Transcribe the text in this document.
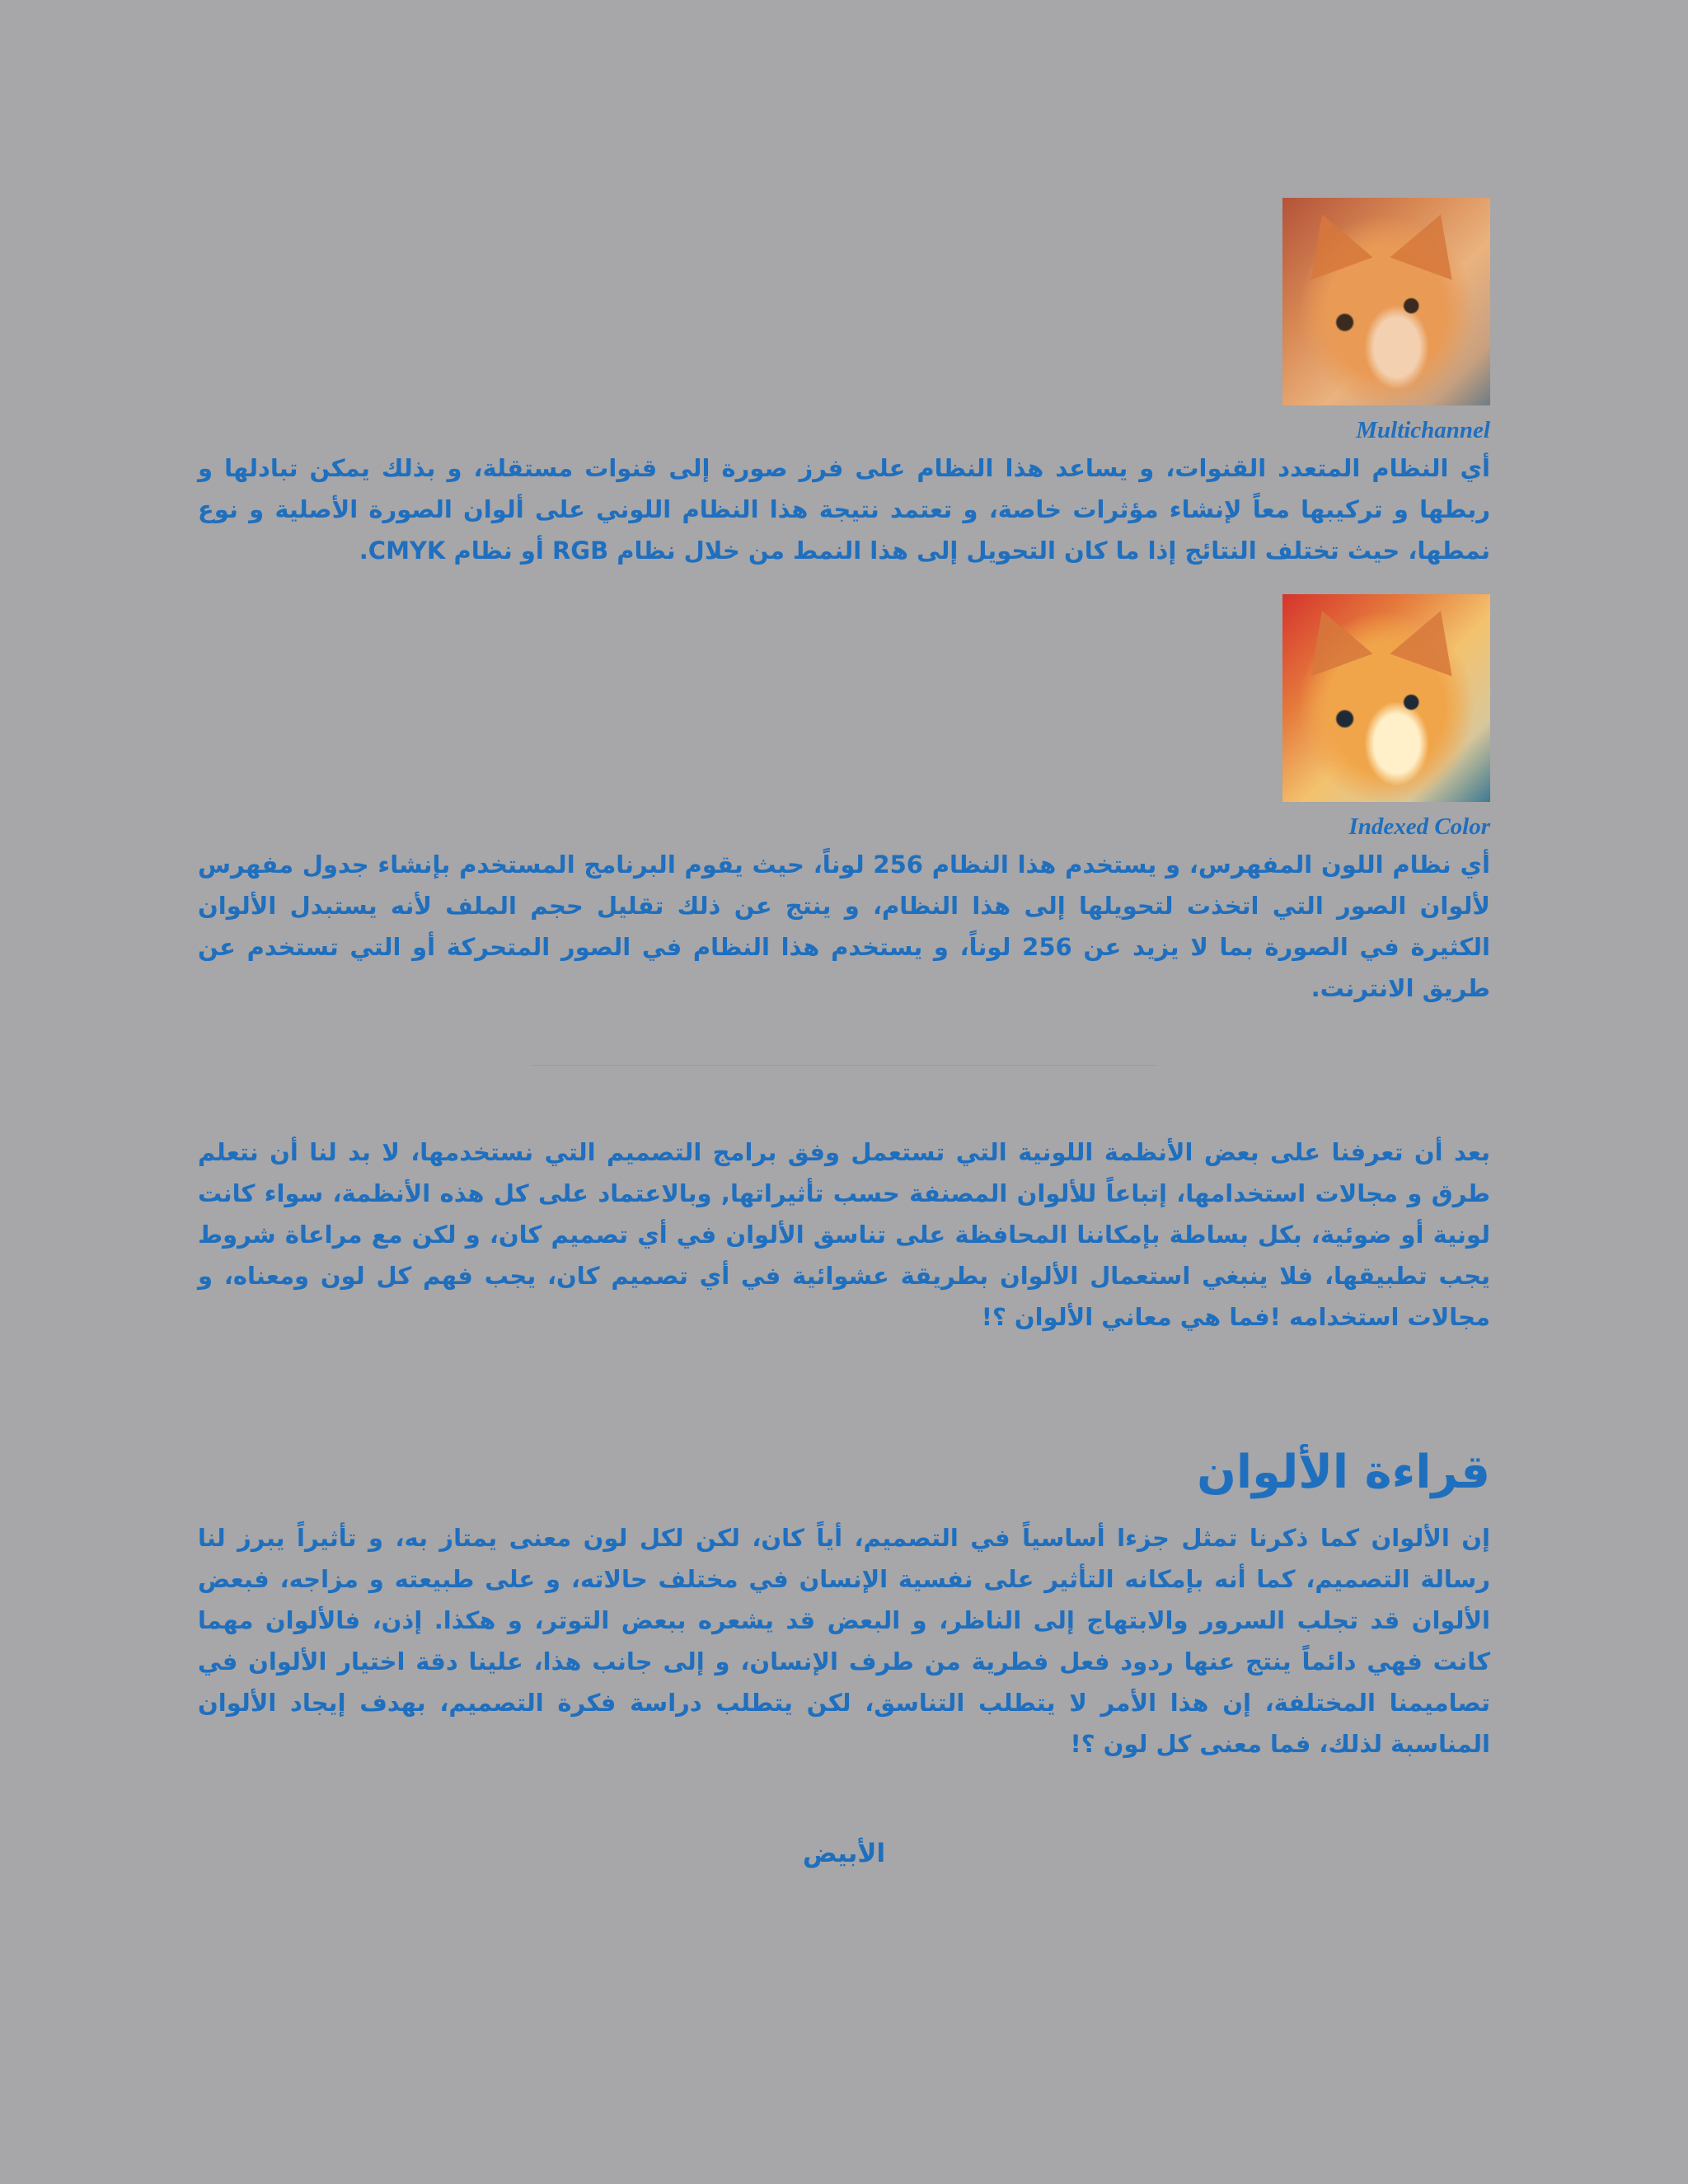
Multichannel

أي النظام المتعدد القنوات، و يساعد هذا النظام على فرز صورة إلى قنوات مستقلة، و بذلك يمكن تبادلها و ربطها و تركيبها معاً لإنشاء مؤثرات خاصة، و تعتمد نتيجة هذا النظام اللوني على ألوان الصورة الأصلية و نوع نمطها، حيث تختلف النتائج إذا ما كان التحويل إلى هذا النمط من خلال نظام RGB أو نظام CMYK.

Indexed Color

أي نظام اللون المفهرس، و يستخدم هذا النظام 256 لوناً، حيث يقوم البرنامج المستخدم بإنشاء جدول مفهرس لألوان الصور التي اتخذت لتحويلها إلى هذا النظام، و ينتج عن ذلك تقليل حجم الملف لأنه يستبدل الألوان الكثيرة في الصورة بما لا يزيد عن 256 لوناً، و يستخدم هذا النظام في الصور المتحركة أو التي تستخدم عن طريق الانترنت.

بعد أن تعرفنا على بعض الأنظمة اللونية التي تستعمل وفق برامج التصميم التي نستخدمها، لا بد لنا أن نتعلم طرق و مجالات استخدامها، إتباعاً للألوان المصنفة حسب تأثيراتها, وبالاعتماد على كل هذه الأنظمة، سواء كانت لونية أو ضوئية، بكل بساطة بإمكاننا المحافظة على تناسق الألوان في أي تصميم كان، و لكن مع مراعاة شروط يجب تطبيقها، فلا ينبغي استعمال الألوان بطريقة عشوائية في أي تصميم كان، يجب فهم كل لون ومعناه، و مجالات استخدامه !فما هي معاني الألوان ؟!

قراءة الألوان

إن الألوان كما ذكرنا تمثل جزءا أساسياً في التصميم، أياً كان، لكن لكل لون معنى يمتاز به، و تأثيراً يبرز لنا رسالة التصميم، كما أنه بإمكانه التأثير على نفسية الإنسان في مختلف حالاته، و على طبيعته و مزاجه، فبعض الألوان قد تجلب السرور والابتهاج إلى الناظر، و البعض قد يشعره ببعض التوتر، و هكذا. إذن، فالألوان مهما كانت فهي دائماً ينتج عنها ردود فعل فطرية من طرف الإنسان، و إلى جانب هذا، علينا دقة اختيار الألوان في تصاميمنا المختلفة، إن هذا الأمر لا يتطلب التناسق، لكن يتطلب دراسة فكرة التصميم، بهدف إيجاد الألوان المناسبة لذلك، فما معنى كل لون ؟!

الأبيض
